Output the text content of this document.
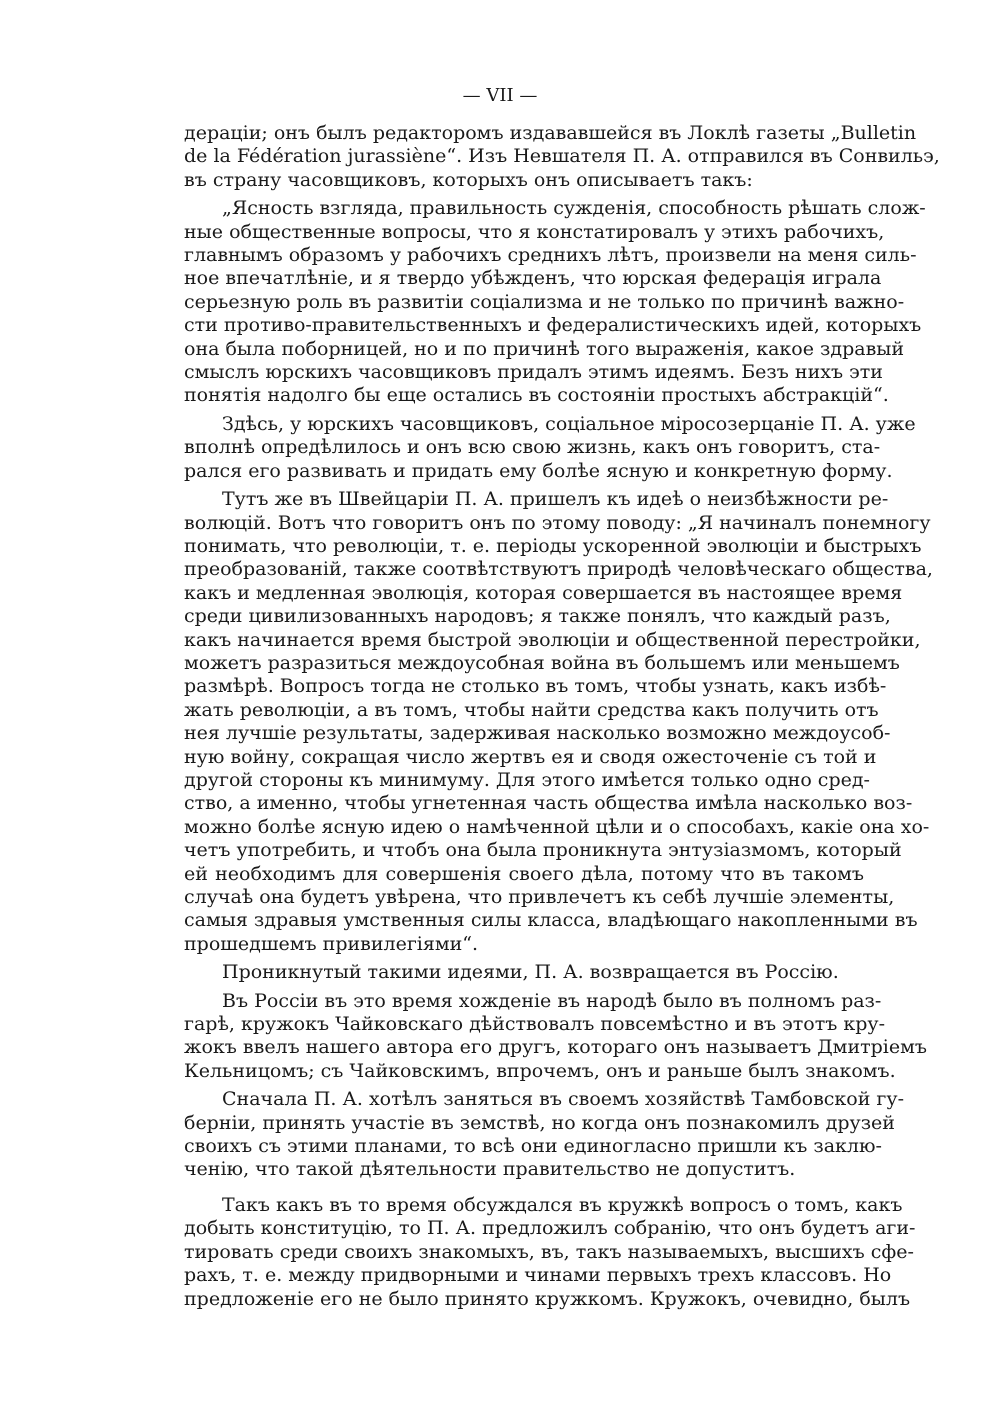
— VII —
дераціи; онъ былъ редакторомъ издававшейся въ Локлѣ газеты „Bulletin
de la Fédération jurassiène“. Изъ Невшателя П. А. отправился въ Сонвильэ,
въ страну часовщиковъ, которыхъ онъ описываетъ такъ:
„Ясность взгляда, правильность сужденія, способность рѣшать слож-
ные общественные вопросы, что я констатировалъ у этихъ рабочихъ,
главнымъ образомъ у рабочихъ среднихъ лѣтъ, произвели на меня силь-
ное впечатлѣніе, и я твердо убѣжденъ, что юрская федерація играла
серьезную роль въ развитіи соціализма и не только по причинѣ важно-
сти противо-правительственныхъ и федералистическихъ идей, которыхъ
она была поборницей, но и по причинѣ того выраженія, какое здравый
смыслъ юрскихъ часовщиковъ придалъ этимъ идеямъ. Безъ нихъ эти
понятія надолго бы еще остались въ состояніи простыхъ абстракцій“.
Здѣсь, у юрскихъ часовщиковъ, соціальное міросозерцаніе П. А. уже
вполнѣ опредѣлилось и онъ всю свою жизнь, какъ онъ говоритъ, ста-
рался его развивать и придать ему болѣе ясную и конкретную форму.
Тутъ же въ Швейцаріи П. А. пришелъ къ идеѣ о неизбѣжности ре-
волюцій. Вотъ что говоритъ онъ по этому поводу: „Я начиналъ понемногу
понимать, что революціи, т. е. періоды ускоренной эволюціи и быстрыхъ
преобразованій, также соотвѣтствуютъ природѣ человѣческаго общества,
какъ и медленная эволюція, которая совершается въ настоящее время
среди цивилизованныхъ народовъ; я также понялъ, что каждый разъ,
какъ начинается время быстрой эволюціи и общественной перестройки,
можетъ разразиться междоусобная война въ большемъ или меньшемъ
размѣрѣ. Вопросъ тогда не столько въ томъ, чтобы узнать, какъ избѣ-
жать революціи, а въ томъ, чтобы найти средства какъ получить отъ
нея лучшіе результаты, задерживая насколько возможно междоусоб-
ную войну, сокращая число жертвъ ея и сводя ожесточеніе съ той и
другой стороны къ минимуму. Для этого имѣется только одно сред-
ство, а именно, чтобы угнетенная часть общества имѣла насколько воз-
можно болѣе ясную идею о намѣченной цѣли и о способахъ, какіе она хо-
четъ употребить, и чтобъ она была проникнута энтузіазмомъ, который
ей необходимъ для совершенія своего дѣла, потому что въ такомъ
случаѣ она будетъ увѣрена, что привлечетъ къ себѣ лучшіе элементы,
самыя здравыя умственныя силы класса, владѣющаго накопленными въ
прошедшемъ привилегіями“.
Проникнутый такими идеями, П. А. возвращается въ Россію.
Въ Россіи въ это время хожденіе въ народѣ было въ полномъ раз-
гарѣ, кружокъ Чайковскаго дѣйствовалъ повсемѣстно и въ этотъ кру-
жокъ ввелъ нашего автора его другъ, котораго онъ называетъ Дмитріемъ
Кельницомъ; съ Чайковскимъ, впрочемъ, онъ и раньше былъ знакомъ.
Сначала П. А. хотѣлъ заняться въ своемъ хозяйствѣ Тамбовской гу-
берніи, принять участіе въ земствѣ, но когда онъ познакомилъ друзей
своихъ съ этими планами, то всѣ они единогласно пришли къ заклю-
ченію, что такой дѣятельности правительство не допуститъ.
Такъ какъ въ то время обсуждался въ кружкѣ вопросъ о томъ, какъ
добыть конституцію, то П. А. предложилъ собранію, что онъ будетъ аги-
тировать среди своихъ знакомыхъ, въ, такъ называемыхъ, высшихъ сфе-
рахъ, т. е. между придворными и чинами первыхъ трехъ классовъ. Но
предложеніе его не было принято кружкомъ. Кружокъ, очевидно, былъ
